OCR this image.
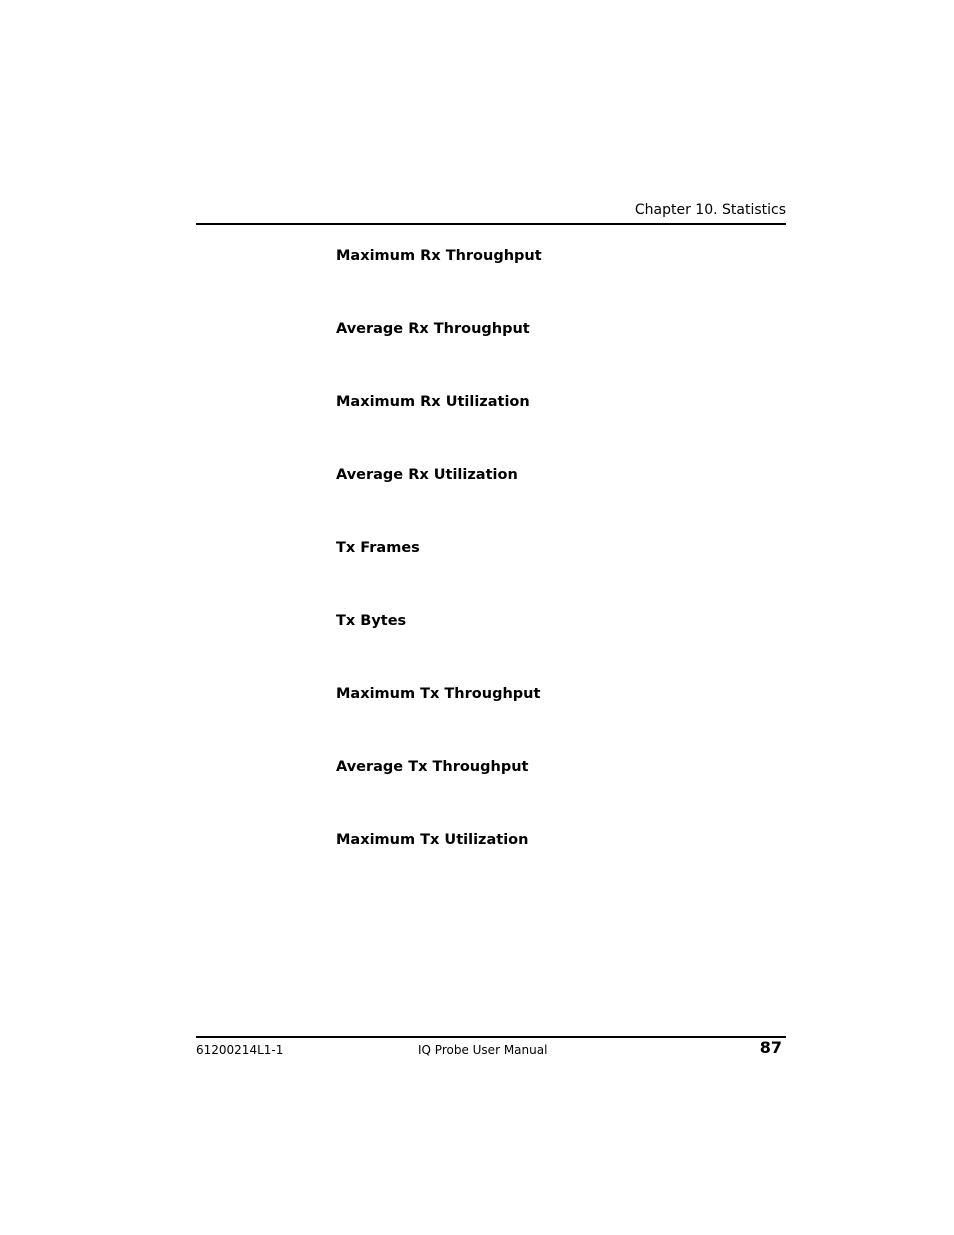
Chapter 10. Statistics
Maximum Rx Throughput
Average Rx Throughput
Maximum Rx Utilization
Average Rx Utilization
Tx Frames
Tx Bytes
Maximum Tx Throughput
Average Tx Throughput
Maximum Tx Utilization
61200214L1-1	IQ Probe User Manual	87
